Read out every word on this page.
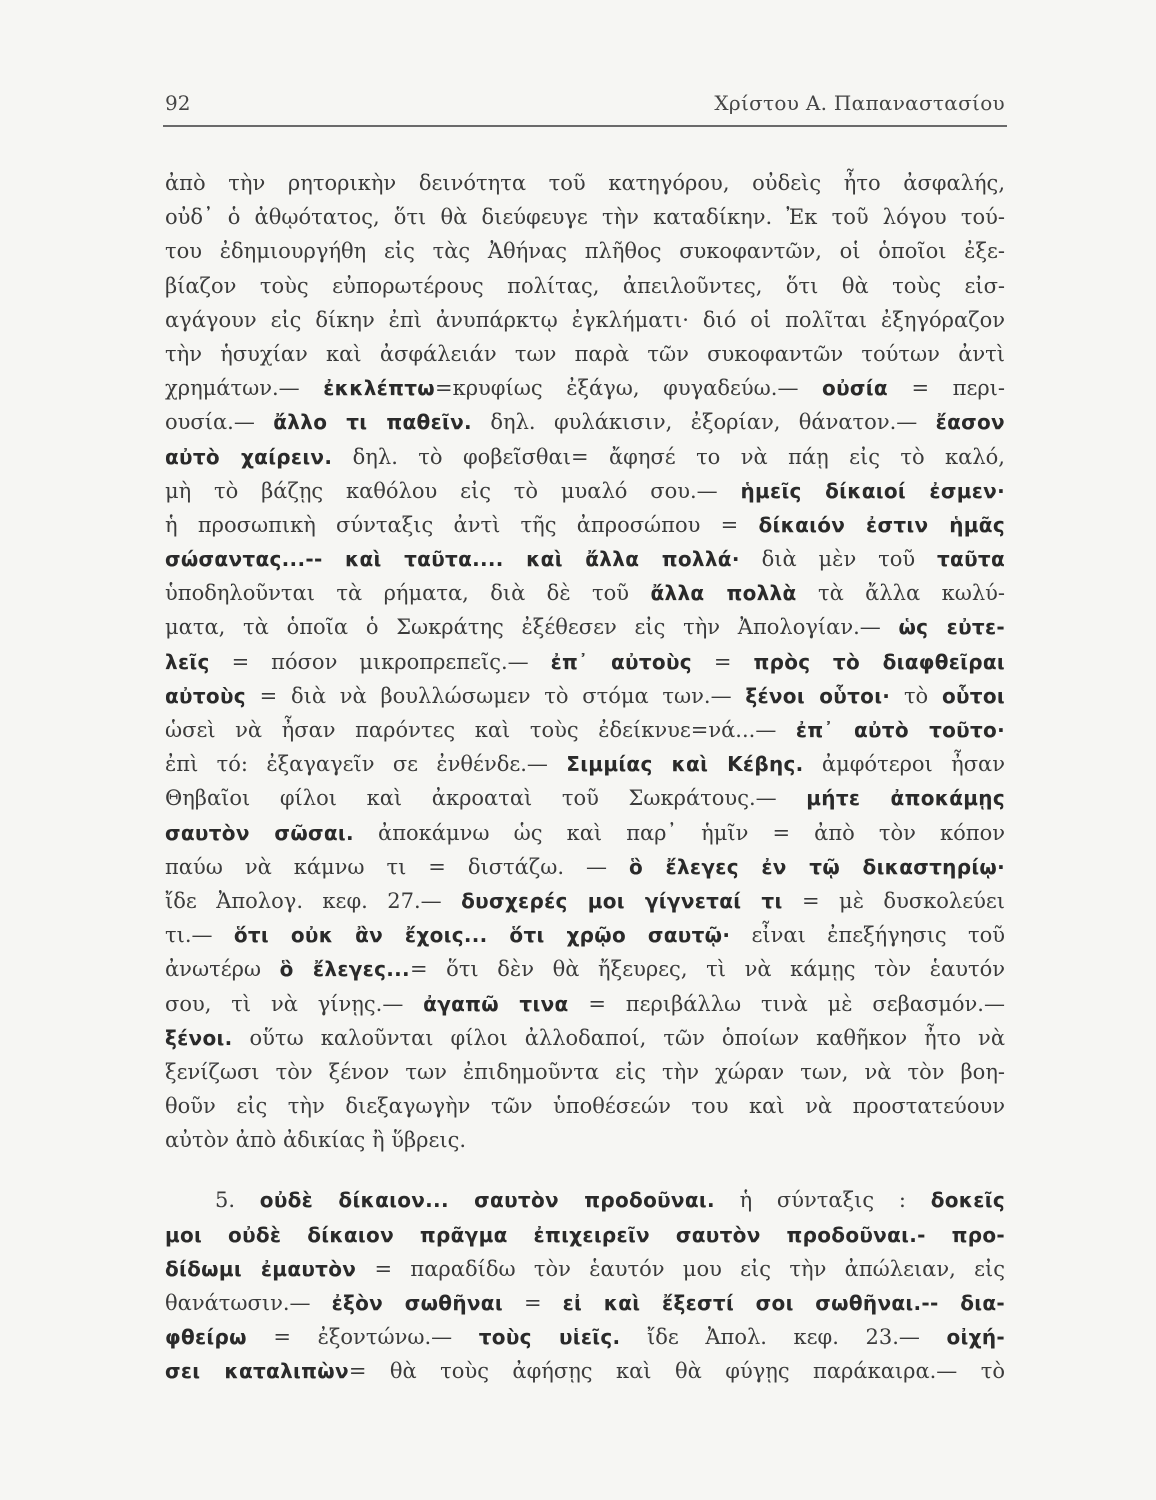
92	Χρίστου Α. Παπαναστασίου
ἀπὸ τὴν ρητορικὴν δεινότητα τοῦ κατηγόρου, οὐδεὶς ἦτο ἀσφαλής,
οὐδ᾽ ὁ ἀθῳότατος, ὅτι θὰ διεύφευγε τὴν καταδίκην. Ἐκ τοῦ λόγου τού-
του ἐδημιουργήθη εἰς τὰς Ἀθήνας πλῆθος συκοφαντῶν, οἱ ὁποῖοι ἐξε-
βίαζον τοὺς εὐπορωτέρους πολίτας, ἀπειλοῦντες, ὅτι θὰ τοὺς εἰσ-
αγάγουν εἰς δίκην ἐπὶ ἀνυπάρκτῳ ἐγκλήματι· διό οἱ πολῖται ἐξηγόραζον
τὴν ἡσυχίαν καὶ ἀσφάλειάν των παρὰ τῶν συκοφαντῶν τούτων ἀντὶ
χρημάτων.— ἐκκλέπτω=κρυφίως ἐξάγω, φυγαδεύω.— οὐσία = περι-
ουσία.— ἄλλο τι παθεῖν. δηλ. φυλάκισιν, ἐξορίαν, θάνατον.— ἔασον
αὐτὸ χαίρειν. δηλ. τὸ φοβεῖσθαι= ἄφησέ το νὰ πάῃ εἰς τὸ καλό,
μὴ τὸ βάζῃς καθόλου εἰς τὸ μυαλό σου.— ἡμεῖς δίκαιοί ἐσμεν·
ἡ προσωπικὴ σύνταξις ἀντὶ τῆς ἀπροσώπου = δίκαιόν ἐστιν ἡμᾶς
σώσαντας...-- καὶ ταῦτα.... καὶ ἄλλα πολλά· διὰ μὲν τοῦ ταῦτα
ὑποδηλοῦνται τὰ ρήματα, διὰ δὲ τοῦ ἄλλα πολλὰ τὰ ἄλλα κωλύ-
ματα, τὰ ὁποῖα ὁ Σωκράτης ἐξέθεσεν εἰς τὴν Ἀπολογίαν.— ὡς εὐτε-
λεῖς = πόσον μικροπρεπεῖς.— ἐπ᾽ αὐτοὺς = πρὸς τὸ διαφθεῖραι
αὐτοὺς = διὰ νὰ βουλλώσωμεν τὸ στόμα των.— ξένοι οὗτοι· τὸ οὗτοι
ὡσεὶ νὰ ἦσαν παρόντες καὶ τοὺς ἐδείκνυε=νά...— ἐπ᾽ αὐτὸ τοῦτο·
ἐπὶ τό: ἐξαγαγεῖν σε ἐνθένδε.— Σιμμίας καὶ Κέβης. ἀμφότεροι ἦσαν
Θηβαῖοι φίλοι καὶ ἀκροαταὶ τοῦ Σωκράτους.— μήτε ἀποκάμῃς
σαυτὸν σῶσαι. ἀποκάμνω ὡς καὶ παρ᾽ ἡμῖν = ἀπὸ τὸν κόπον
παύω νὰ κάμνω τι = διστάζω. — ὃ ἔλεγες ἐν τῷ δικαστηρίῳ·
ἴδε Ἀπολογ. κεφ. 27.— δυσχερές μοι γίγνεταί τι = μὲ δυσκολεύει
τι.— ὅτι οὐκ ἂν ἔχοις... ὅτι χρῷο σαυτῷ· εἶναι ἐπεξήγησις τοῦ
ἀνωτέρω ὃ ἔλεγες...= ὅτι δὲν θὰ ἤξευρες, τὶ νὰ κάμῃς τὸν ἑαυτόν
σου, τὶ νὰ γίνῃς.— ἀγαπῶ τινα = περιβάλλω τινὰ μὲ σεβασμόν.—
ξένοι. οὕτω καλοῦνται φίλοι ἀλλοδαποί, τῶν ὁποίων καθῆκον ἦτο νὰ
ξενίζωσι τὸν ξένον των ἐπιδημοῦντα εἰς τὴν χώραν των, νὰ τὸν βοη-
θοῦν εἰς τὴν διεξαγωγὴν τῶν ὑποθέσεών του καὶ νὰ προστατεύουν
αὐτὸν ἀπὸ ἀδικίας ἢ ὕβρεις.
5. οὐδὲ δίκαιον... σαυτὸν προδοῦναι. ἡ σύνταξις : δοκεῖς
μοι οὐδὲ δίκαιον πρᾶγμα ἐπιχειρεῖν σαυτὸν προδοῦναι.- προ-
δίδωμι ἐμαυτὸν = παραδίδω τὸν ἑαυτόν μου εἰς τὴν ἀπώλειαν, εἰς
θανάτωσιν.— ἐξὸν σωθῆναι = εἰ καὶ ἔξεστί σοι σωθῆναι.-- δια-
φθείρω = ἐξοντώνω.— τοὺς υἱεῖς. ἴδε Ἀπολ. κεφ. 23.— οἰχή-
σει καταλιπὼν= θὰ τοὺς ἀφήσῃς καὶ θὰ φύγῃς παράκαιρα.— τὸ
